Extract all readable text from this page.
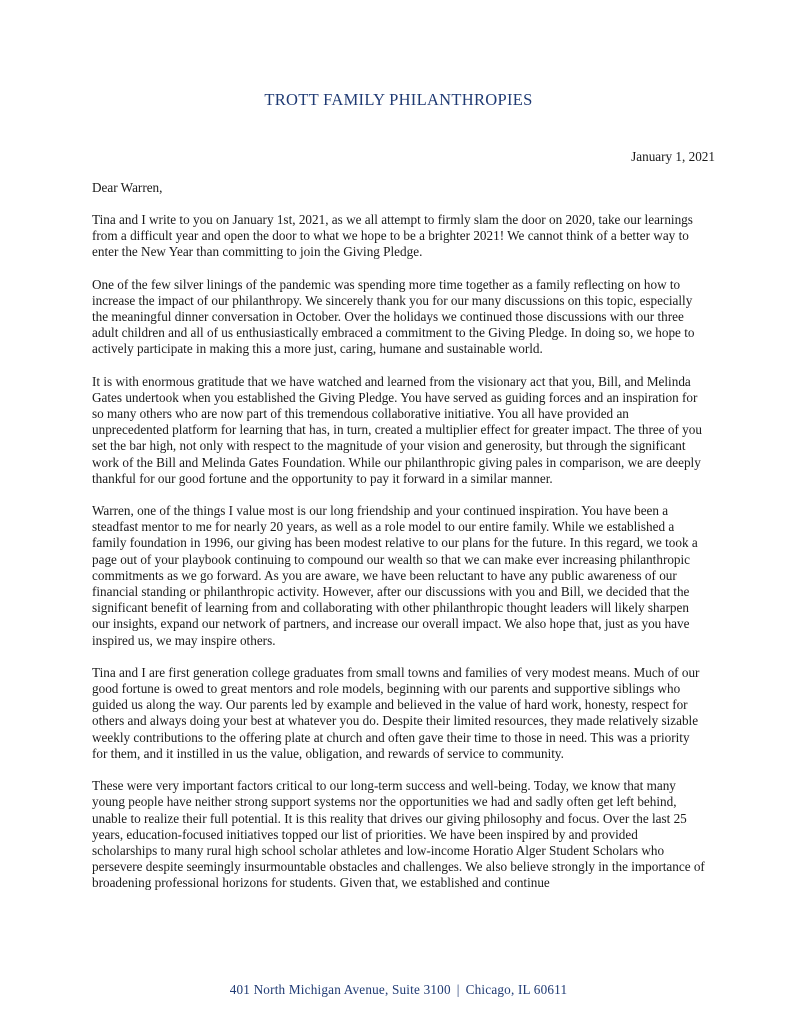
TROTT FAMILY PHILANTHROPIES
January 1, 2021
Dear Warren,

Tina and I write to you on January 1st, 2021, as we all attempt to firmly slam the door on 2020, take our learnings from a difficult year and open the door to what we hope to be a brighter 2021! We cannot think of a better way to enter the New Year than committing to join the Giving Pledge.

One of the few silver linings of the pandemic was spending more time together as a family reflecting on how to increase the impact of our philanthropy. We sincerely thank you for our many discussions on this topic, especially the meaningful dinner conversation in October. Over the holidays we continued those discussions with our three adult children and all of us enthusiastically embraced a commitment to the Giving Pledge. In doing so, we hope to actively participate in making this a more just, caring, humane and sustainable world.

It is with enormous gratitude that we have watched and learned from the visionary act that you, Bill, and Melinda Gates undertook when you established the Giving Pledge. You have served as guiding forces and an inspiration for so many others who are now part of this tremendous collaborative initiative. You all have provided an unprecedented platform for learning that has, in turn, created a multiplier effect for greater impact. The three of you set the bar high, not only with respect to the magnitude of your vision and generosity, but through the significant work of the Bill and Melinda Gates Foundation. While our philanthropic giving pales in comparison, we are deeply thankful for our good fortune and the opportunity to pay it forward in a similar manner.

Warren, one of the things I value most is our long friendship and your continued inspiration. You have been a steadfast mentor to me for nearly 20 years, as well as a role model to our entire family. While we established a family foundation in 1996, our giving has been modest relative to our plans for the future. In this regard, we took a page out of your playbook continuing to compound our wealth so that we can make ever increasing philanthropic commitments as we go forward. As you are aware, we have been reluctant to have any public awareness of our financial standing or philanthropic activity. However, after our discussions with you and Bill, we decided that the significant benefit of learning from and collaborating with other philanthropic thought leaders will likely sharpen our insights, expand our network of partners, and increase our overall impact. We also hope that, just as you have inspired us, we may inspire others.

Tina and I are first generation college graduates from small towns and families of very modest means. Much of our good fortune is owed to great mentors and role models, beginning with our parents and supportive siblings who guided us along the way. Our parents led by example and believed in the value of hard work, honesty, respect for others and always doing your best at whatever you do. Despite their limited resources, they made relatively sizable weekly contributions to the offering plate at church and often gave their time to those in need. This was a priority for them, and it instilled in us the value, obligation, and rewards of service to community.

These were very important factors critical to our long-term success and well-being. Today, we know that many young people have neither strong support systems nor the opportunities we had and sadly often get left behind, unable to realize their full potential. It is this reality that drives our giving philosophy and focus. Over the last 25 years, education-focused initiatives topped our list of priorities. We have been inspired by and provided scholarships to many rural high school scholar athletes and low-income Horatio Alger Student Scholars who persevere despite seemingly insurmountable obstacles and challenges. We also believe strongly in the importance of broadening professional horizons for students. Given that, we established and continue

401 North Michigan Avenue, Suite 3100 | Chicago, IL 60611
